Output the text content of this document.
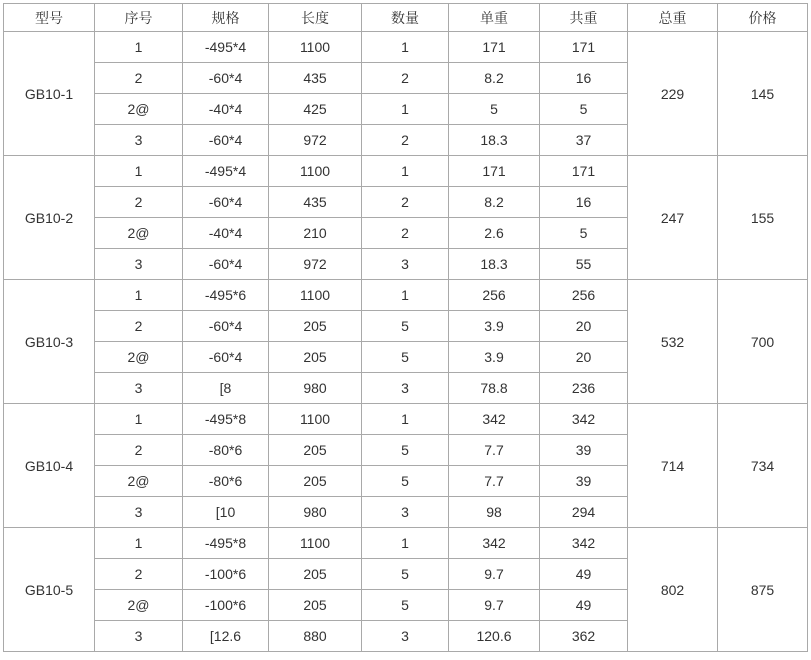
型号	序号	规格	长度	数量	单重	共重	总重	价格
GB10-1	1	-495*4	1100	1	171	171	229	145
	2	-60*4	435	2	8.2	16		
	2@	-40*4	425	1	5	5		
	3	-60*4	972	2	18.3	37		
GB10-2	1	-495*4	1100	1	171	171	247	155
	2	-60*4	435	2	8.2	16		
	2@	-40*4	210	2	2.6	5		
	3	-60*4	972	3	18.3	55		
GB10-3	1	-495*6	1100	1	256	256	532	700
	2	-60*4	205	5	3.9	20		
	2@	-60*4	205	5	3.9	20		
	3	[8	980	3	78.8	236		
GB10-4	1	-495*8	1100	1	342	342	714	734
	2	-80*6	205	5	7.7	39		
	2@	-80*6	205	5	7.7	39		
	3	[10	980	3	98	294		
GB10-5	1	-495*8	1100	1	342	342	802	875
	2	-100*6	205	5	9.7	49		
	2@	-100*6	205	5	9.7	49		
	3	[12.6	880	3	120.6	362		
